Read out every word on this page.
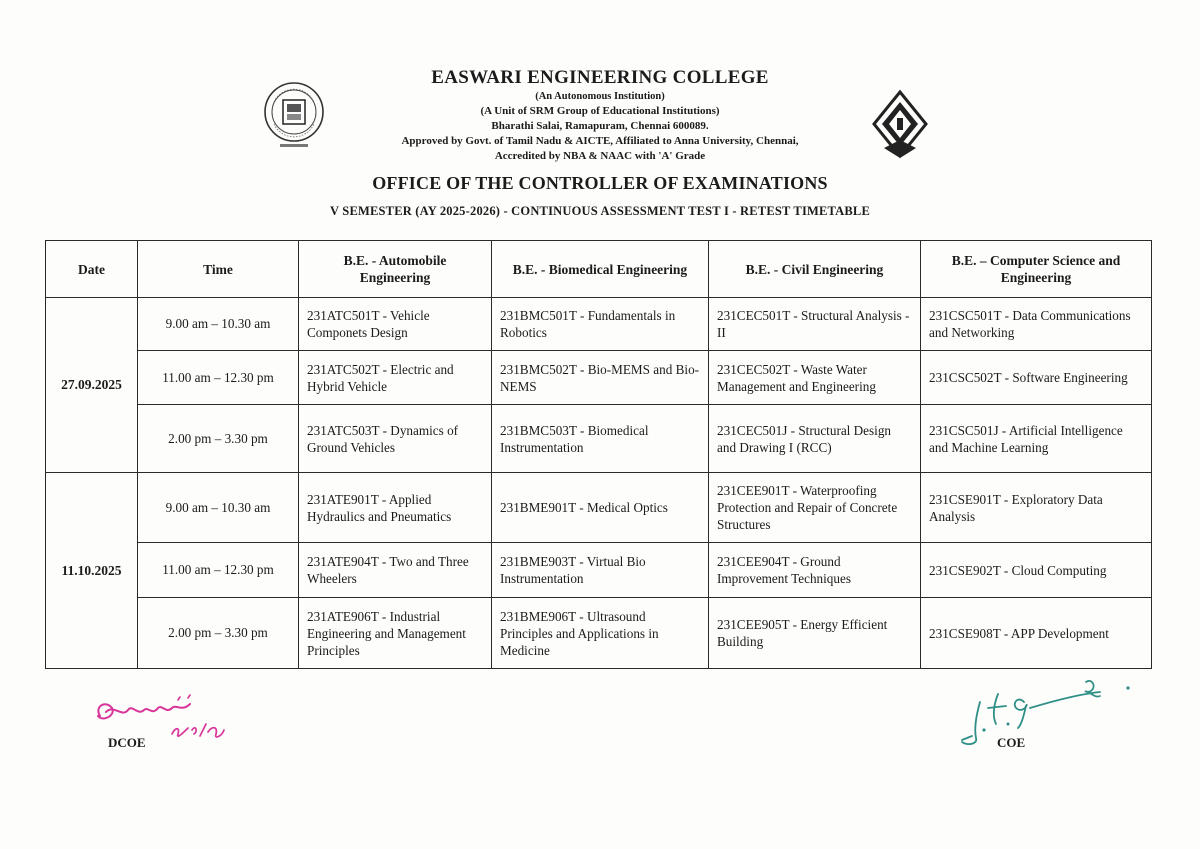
EASWARI ENGINEERING COLLEGE
(An Autonomous Institution)
(A Unit of SRM Group of Educational Institutions)
Bharathi Salai, Ramapuram, Chennai 600089.
Approved by Govt. of Tamil Nadu & AICTE, Affiliated to Anna University, Chennai,
Accredited by NBA & NAAC with 'A' Grade
OFFICE OF THE CONTROLLER OF EXAMINATIONS
V SEMESTER (AY 2025-2026) - CONTINUOUS ASSESSMENT TEST I - RETEST TIMETABLE
Date	Time	B.E. - Automobile Engineering	B.E. - Biomedical Engineering	B.E. - Civil Engineering	B.E. – Computer Science and Engineering
27.09.2025	9.00 am – 10.30 am	231ATC501T - Vehicle Componets Design	231BMC501T - Fundamentals in Robotics	231CEC501T - Structural Analysis - II	231CSC501T - Data Communications and Networking
	11.00 am – 12.30 pm	231ATC502T - Electric and Hybrid Vehicle	231BMC502T - Bio-MEMS and Bio-NEMS	231CEC502T - Waste Water Management and Engineering	231CSC502T - Software Engineering
	2.00 pm – 3.30 pm	231ATC503T - Dynamics of Ground Vehicles	231BMC503T - Biomedical Instrumentation	231CEC501J - Structural Design and Drawing I (RCC)	231CSC501J - Artificial Intelligence and Machine Learning
11.10.2025	9.00 am – 10.30 am	231ATE901T - Applied Hydraulics and Pneumatics	231BME901T - Medical Optics	231CEE901T - Waterproofing Protection and Repair of Concrete Structures	231CSE901T - Exploratory Data Analysis
	11.00 am – 12.30 pm	231ATE904T - Two and Three Wheelers	231BME903T - Virtual Bio Instrumentation	231CEE904T - Ground Improvement Techniques	231CSE902T - Cloud Computing
	2.00 pm – 3.30 pm	231ATE906T - Industrial Engineering and Management Principles	231BME906T - Ultrasound Principles and Applications in Medicine	231CEE905T - Energy Efficient Building	231CSE908T - APP Development
DCOE	COE
